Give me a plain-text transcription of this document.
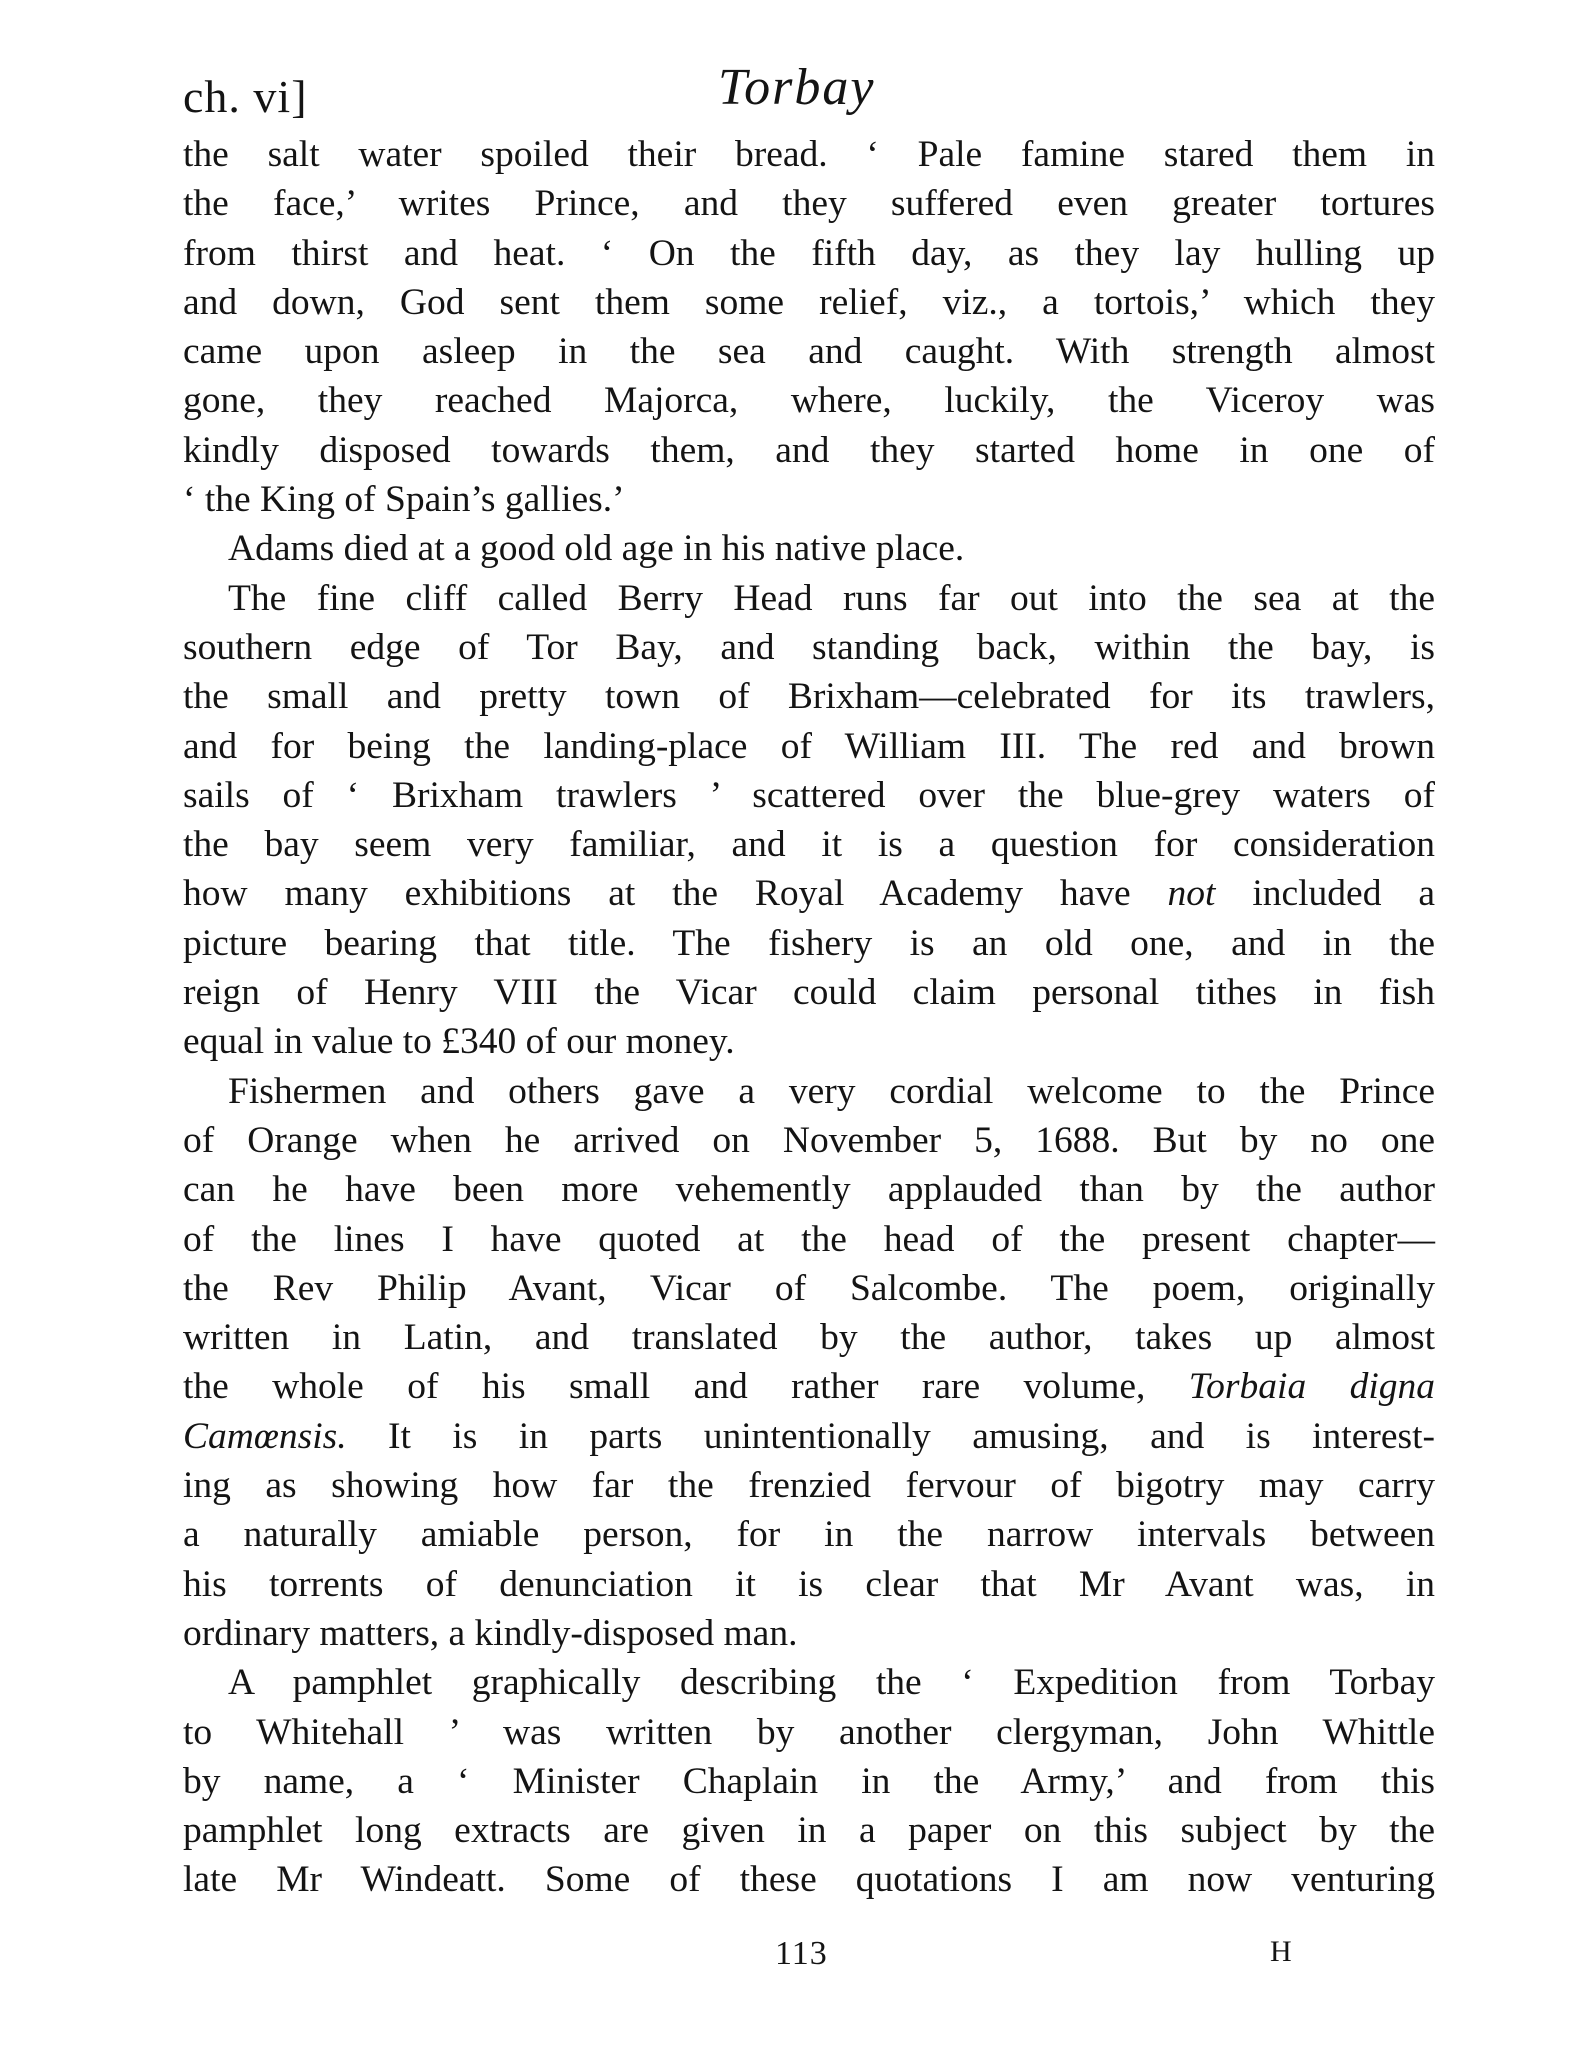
ch. vi]	Torbay
the salt water spoiled their bread. ‘ Pale famine stared them in
the face,’ writes Prince, and they suffered even greater tortures
from thirst and heat. ‘ On the fifth day, as they lay hulling up
and down, God sent them some relief, viz., a tortois,’ which they
came upon asleep in the sea and caught. With strength almost
gone, they reached Majorca, where, luckily, the Viceroy was
kindly disposed towards them, and they started home in one of
‘ the King of Spain’s gallies.’
Adams died at a good old age in his native place.
The fine cliff called Berry Head runs far out into the sea at the
southern edge of Tor Bay, and standing back, within the bay, is
the small and pretty town of Brixham—celebrated for its trawlers,
and for being the landing-place of William III. The red and brown
sails of ‘ Brixham trawlers ’ scattered over the blue-grey waters of
the bay seem very familiar, and it is a question for consideration
how many exhibitions at the Royal Academy have not included a
picture bearing that title. The fishery is an old one, and in the
reign of Henry VIII the Vicar could claim personal tithes in fish
equal in value to £340 of our money.
Fishermen and others gave a very cordial welcome to the Prince
of Orange when he arrived on November 5, 1688. But by no one
can he have been more vehemently applauded than by the author
of the lines I have quoted at the head of the present chapter—
the Rev Philip Avant, Vicar of Salcombe. The poem, originally
written in Latin, and translated by the author, takes up almost
the whole of his small and rather rare volume, Torbaia digna
Camœnsis. It is in parts unintentionally amusing, and is interest-
ing as showing how far the frenzied fervour of bigotry may carry
a naturally amiable person, for in the narrow intervals between
his torrents of denunciation it is clear that Mr Avant was, in
ordinary matters, a kindly-disposed man.
A pamphlet graphically describing the ‘ Expedition from Torbay
to Whitehall ’ was written by another clergyman, John Whittle
by name, a ‘ Minister Chaplain in the Army,’ and from this
pamphlet long extracts are given in a paper on this subject by the
late Mr Windeatt. Some of these quotations I am now venturing
113	H
